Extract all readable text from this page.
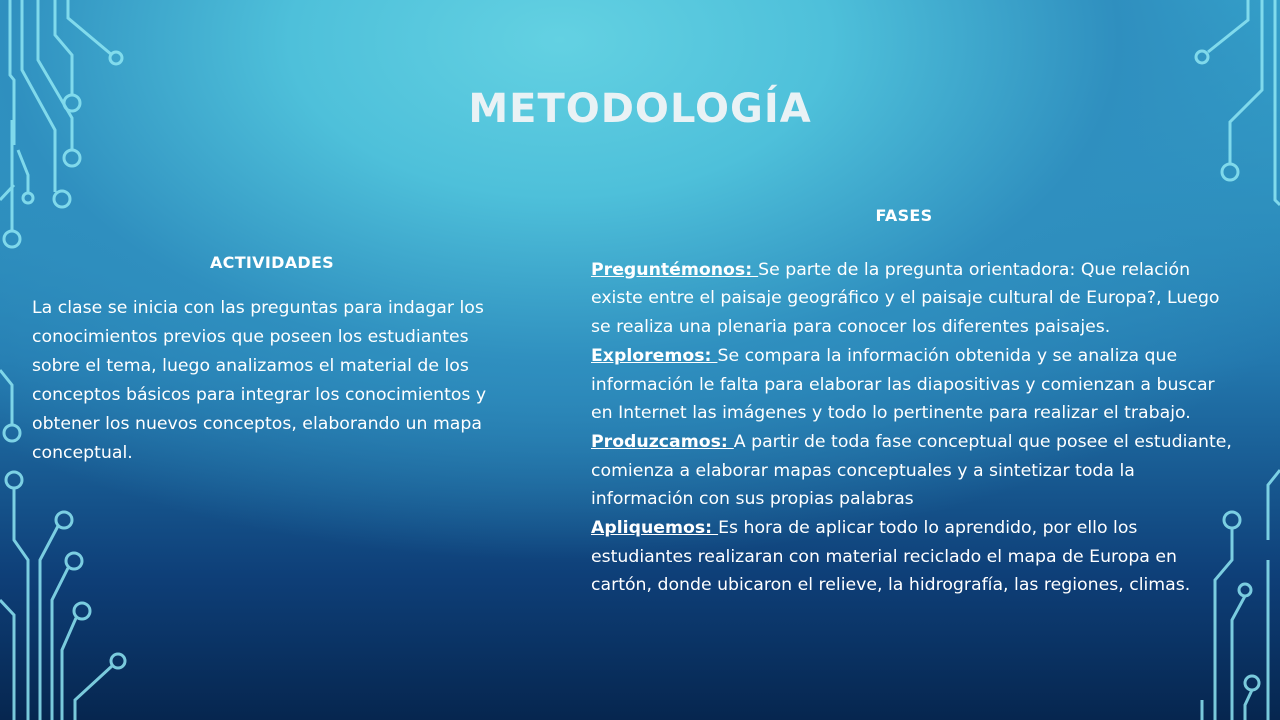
METODOLOGÍA
ACTIVIDADES

La clase se inicia con las preguntas para indagar los conocimientos previos que poseen los estudiantes sobre el tema, luego analizamos el material de los conceptos básicos para integrar los conocimientos y obtener los nuevos conceptos, elaborando un mapa conceptual.

FASES

Preguntémonos: Se parte de la pregunta orientadora: Que relación existe entre el paisaje geográfico y el paisaje cultural de Europa?, Luego se realiza una plenaria para conocer los diferentes paisajes.

Exploremos: Se compara la información obtenida y se analiza que información le falta para elaborar las diapositivas y comienzan a buscar en Internet las imágenes y todo lo pertinente para realizar el trabajo.

Produzcamos: A partir de toda fase conceptual que posee el estudiante, comienza a elaborar mapas conceptuales y a sintetizar toda la información con sus propias palabras

Apliquemos: Es hora de aplicar todo lo aprendido, por ello los estudiantes realizaran con material reciclado el mapa de Europa en cartón, donde ubicaron el relieve, la hidrografía, las regiones, climas.
